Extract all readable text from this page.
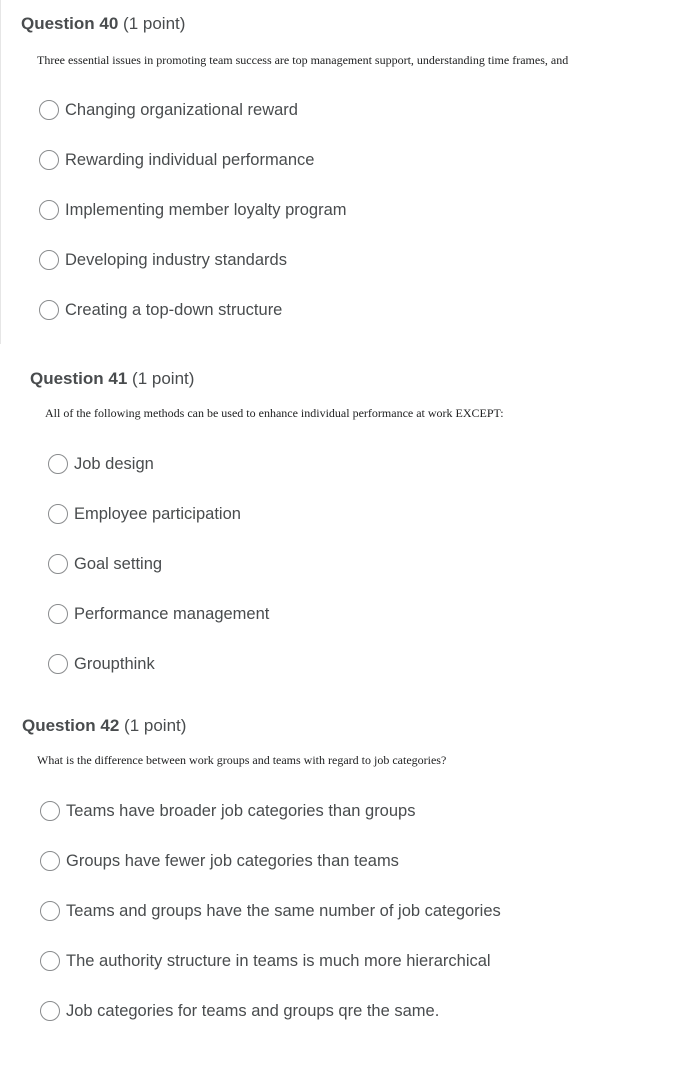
Question 40 (1 point)
Three essential issues in promoting team success are top management support, understanding time frames, and
Changing organizational reward
Rewarding individual performance
Implementing member loyalty program
Developing industry standards
Creating a top-down structure
Question 41 (1 point)
All of the following methods can be used to enhance individual performance at work EXCEPT:
Job design
Employee participation
Goal setting
Performance management
Groupthink
Question 42 (1 point)
What is the difference between work groups and teams with regard to job categories?
Teams have broader job categories than groups
Groups have fewer job categories than teams
Teams and groups have the same number of job categories
The authority structure in teams is much more hierarchical
Job categories for teams and groups qre the same.
